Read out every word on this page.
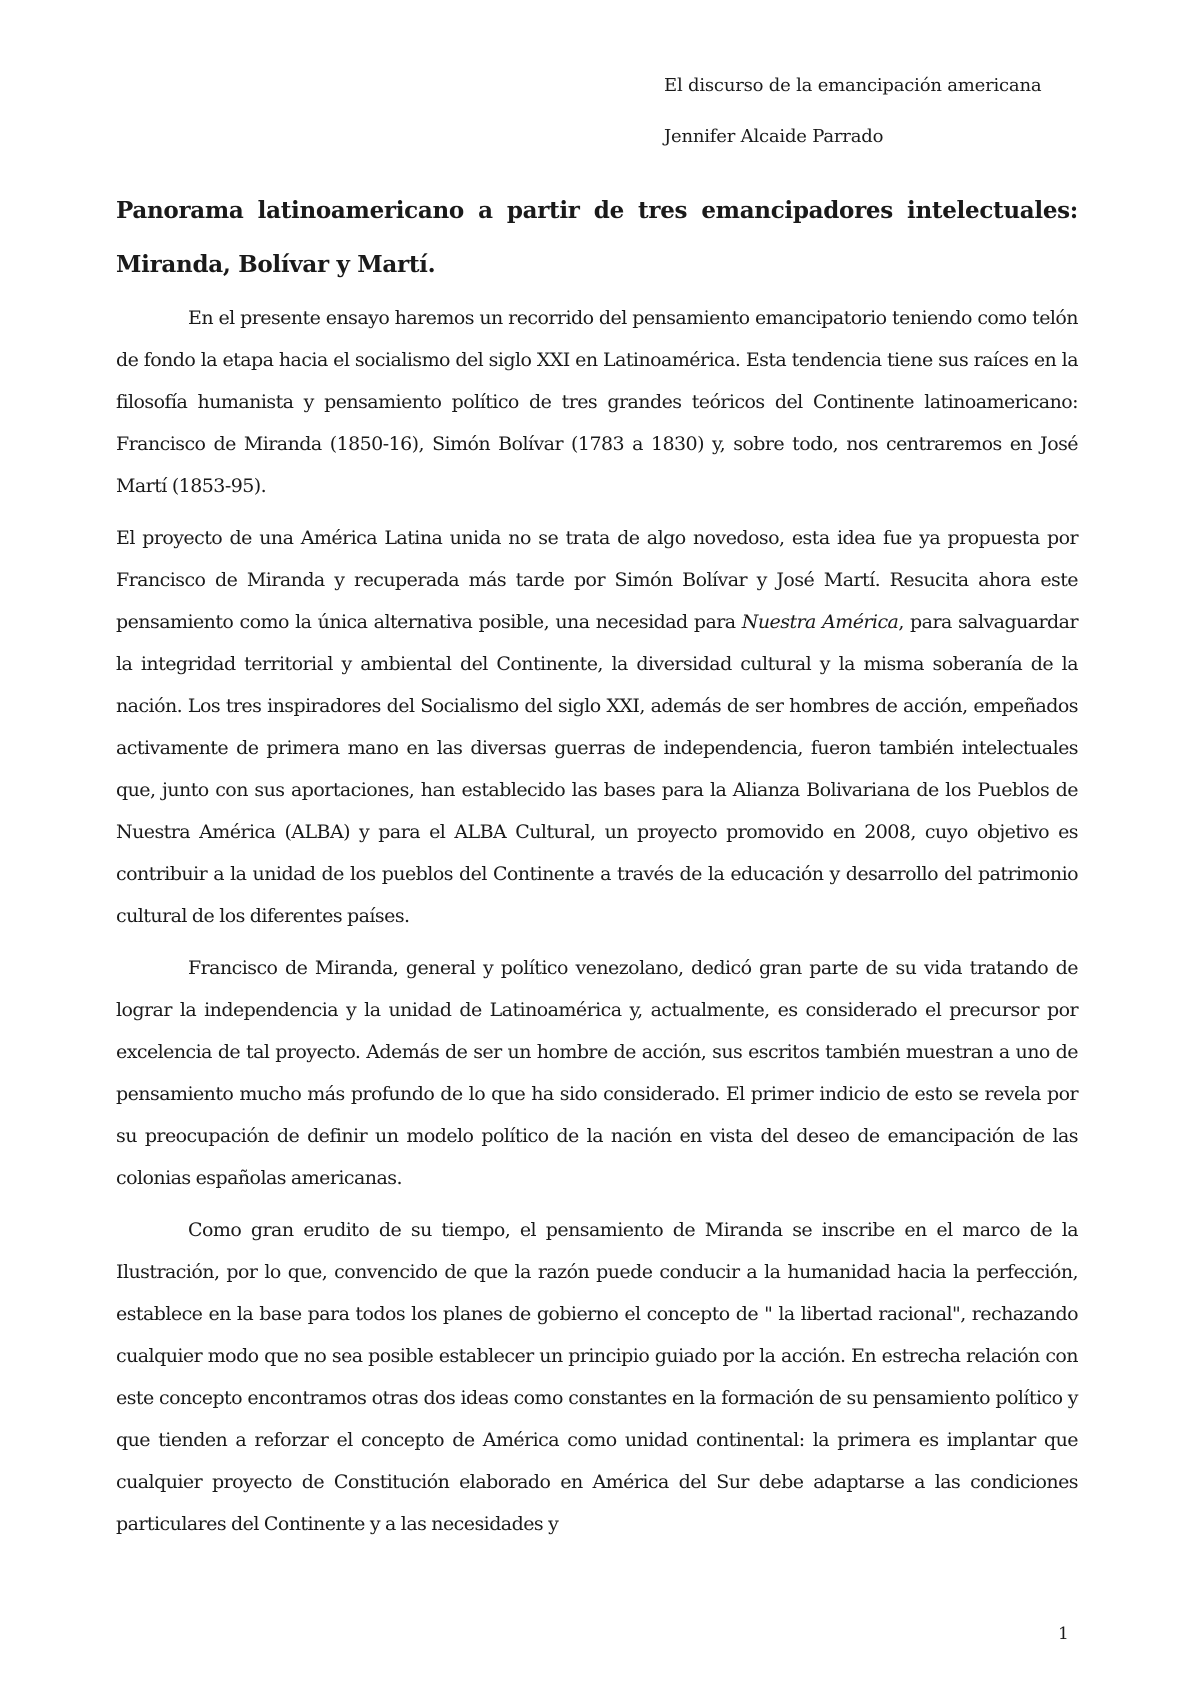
El discurso de la emancipación americana
Jennifer Alcaide Parrado
Panorama latinoamericano a partir de tres emancipadores intelectuales: Miranda, Bolívar y Martí.

En el presente ensayo haremos un recorrido del pensamiento emancipatorio teniendo como telón de fondo la etapa hacia el socialismo del siglo XXI en Latinoamérica. Esta tendencia tiene sus raíces en la filosofía humanista y pensamiento político de tres grandes teóricos del Continente latinoamericano: Francisco de Miranda (1850-16), Simón Bolívar (1783 a 1830) y, sobre todo, nos centraremos en José Martí (1853-95).

El proyecto de una América Latina unida no se trata de algo novedoso, esta idea fue ya propuesta por Francisco de Miranda y recuperada más tarde por Simón Bolívar y José Martí. Resucita ahora este pensamiento como la única alternativa posible, una necesidad para Nuestra América, para salvaguardar la integridad territorial y ambiental del Continente, la diversidad cultural y la misma soberanía de la nación. Los tres inspiradores del Socialismo del siglo XXI, además de ser hombres de acción, empeñados activamente de primera mano en las diversas guerras de independencia, fueron también intelectuales que, junto con sus aportaciones, han establecido las bases para la Alianza Bolivariana de los Pueblos de Nuestra América (ALBA) y para el ALBA Cultural, un proyecto promovido en 2008, cuyo objetivo es contribuir a la unidad de los pueblos del Continente a través de la educación y desarrollo del patrimonio cultural de los diferentes países.

Francisco de Miranda, general y político venezolano, dedicó gran parte de su vida tratando de lograr la independencia y la unidad de Latinoamérica y, actualmente, es considerado el precursor por excelencia de tal proyecto. Además de ser un hombre de acción, sus escritos también muestran a uno de pensamiento mucho más profundo de lo que ha sido considerado. El primer indicio de esto se revela por su preocupación de definir un modelo político de la nación en vista del deseo de emancipación de las colonias españolas americanas.

Como gran erudito de su tiempo, el pensamiento de Miranda se inscribe en el marco de la Ilustración, por lo que, convencido de que la razón puede conducir a la humanidad hacia la perfección, establece en la base para todos los planes de gobierno el concepto de " la libertad racional", rechazando cualquier modo que no sea posible establecer un principio guiado por la acción. En estrecha relación con este concepto encontramos otras dos ideas como constantes en la formación de su pensamiento político y que tienden a reforzar el concepto de América como unidad continental: la primera es implantar que cualquier proyecto de Constitución elaborado en América del Sur debe adaptarse a las condiciones particulares del Continente y a las necesidades y

1
